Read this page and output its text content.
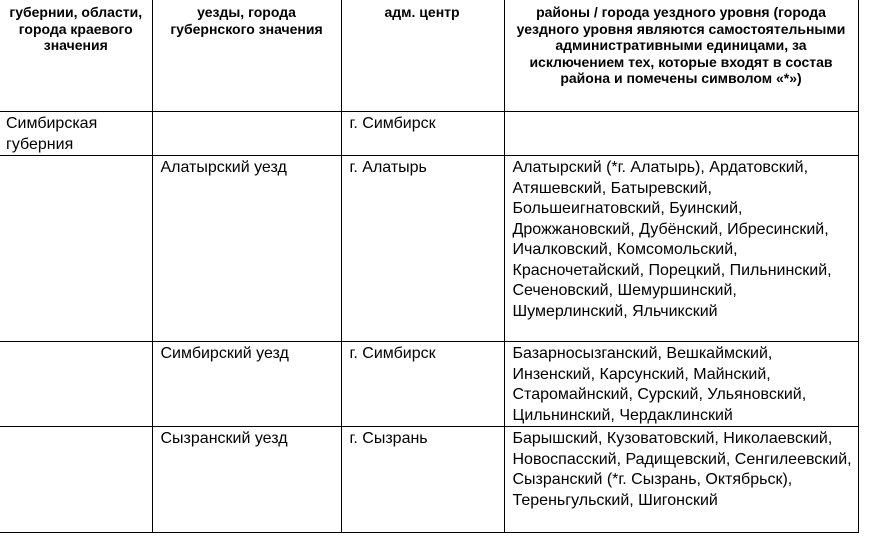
губернии, области, города краевого значения	уезды, города губернского значения	адм. центр	районы / города уездного уровня (города уездного уровня являются самостоятельными административными единицами, за исключением тех, которые входят в состав района и помечены символом «*»)
Симбирская губерния		г. Симбирск	
	Алатырский уезд	г. Алатырь	Алатырский (*г. Алатырь), Ардатовский, Атяшевский, Батыревский, Большеигнатовский, Буинский, Дрожжановский, Дубёнский, Ибресинский, Ичалковский, Комсомольский, Красночетайский, Порецкий, Пильнинский, Сеченовский, Шемуршинский, Шумерлинский, Яльчикский
	Симбирский уезд	г. Симбирск	Базарносызганский, Вешкаймский, Инзенский, Карсунский, Майнский, Старомайнский, Сурский, Ульяновский, Цильнинский, Чердаклинский
	Сызранский уезд	г. Сызрань	Барышский, Кузоватовский, Николаевский, Новоспасский, Радищевский, Сенгилеевский, Сызранский (*г. Сызрань, Октябрьск), Тереньгульский, Шигонский
